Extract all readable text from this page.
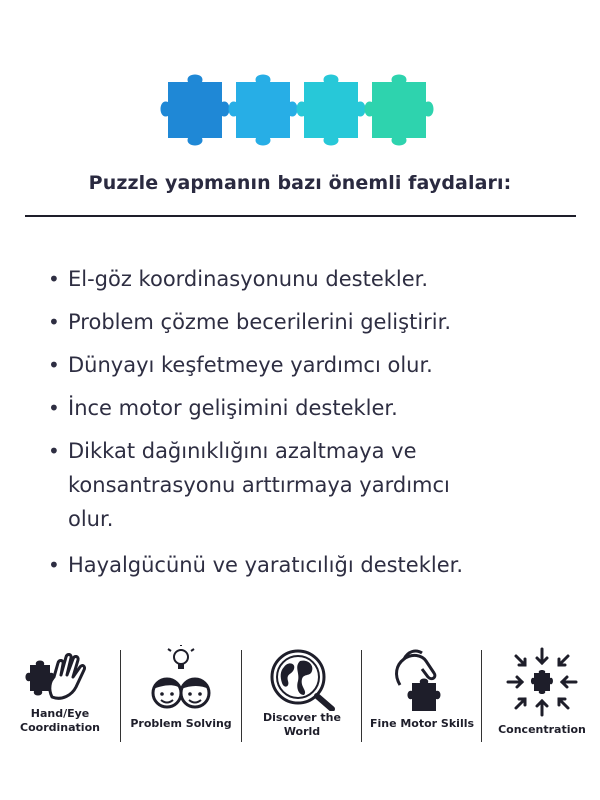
Puzzle yapmanın bazı önemli faydaları:
• El-göz koordinasyonunu destekler.
• Problem çözme becerilerini geliştirir.
• Dünyayı keşfetmeye yardımcı olur.
• İnce motor gelişimini destekler.
• Dikkat dağınıklığını azaltmaya ve konsantrasyonu arttırmaya yardımcı olur.
• Hayalgücünü ve yaratıcılığı destekler.
Hand/Eye
Coordination	Problem Solving	Discover the
World
Fine Motor Skills	Concentration
